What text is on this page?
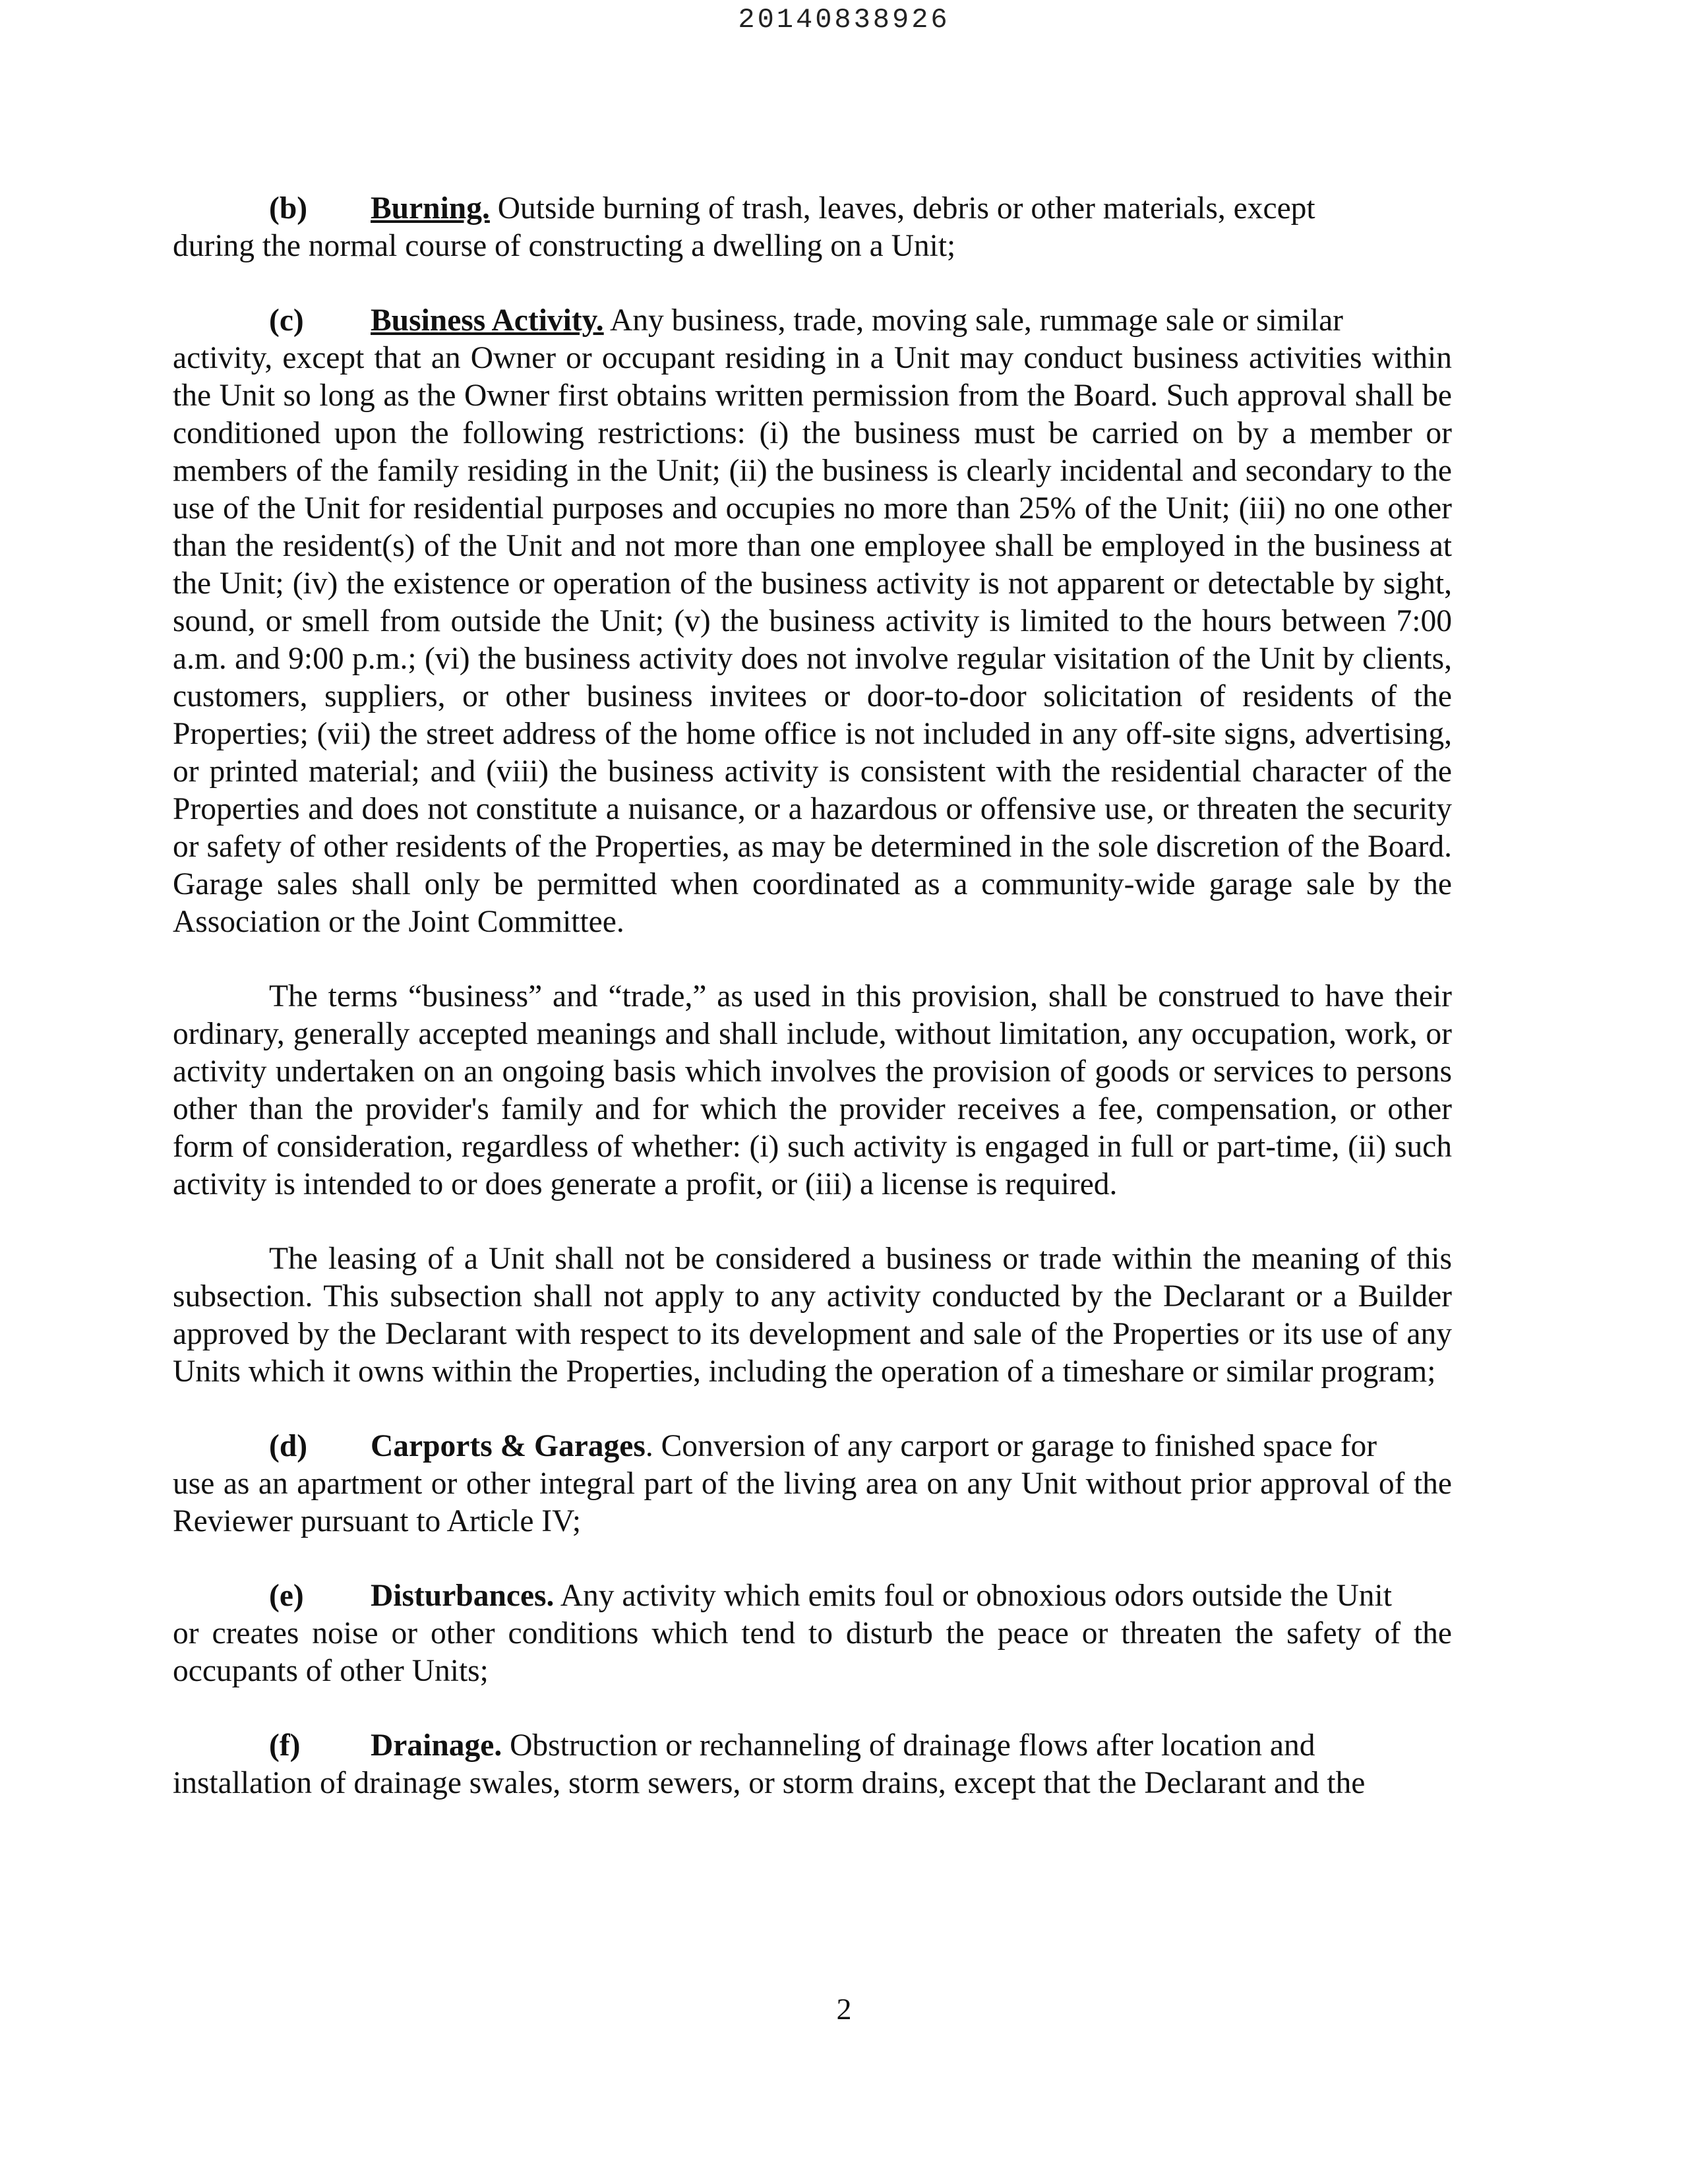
20140838926

(b) Burning. Outside burning of trash, leaves, debris or other materials, except
during the normal course of constructing a dwelling on a Unit;

(c) Business Activity. Any business, trade, moving sale, rummage sale or similar
activity, except that an Owner or occupant residing in a Unit may conduct business activities within the Unit so long as the Owner first obtains written permission from the Board. Such approval shall be conditioned upon the following restrictions: (i) the business must be carried on by a member or members of the family residing in the Unit; (ii) the business is clearly incidental and secondary to the use of the Unit for residential purposes and occupies no more than 25% of the Unit; (iii) no one other than the resident(s) of the Unit and not more than one employee shall be employed in the business at the Unit; (iv) the existence or operation of the business activity is not apparent or detectable by sight, sound, or smell from outside the Unit; (v) the business activity is limited to the hours between 7:00 a.m. and 9:00 p.m.; (vi) the business activity does not involve regular visitation of the Unit by clients, customers, suppliers, or other business invitees or door-to-door solicitation of residents of the Properties; (vii) the street address of the home office is not included in any off-site signs, advertising, or printed material; and (viii) the business activity is consistent with the residential character of the Properties and does not constitute a nuisance, or a hazardous or offensive use, or threaten the security or safety of other residents of the Properties, as may be determined in the sole discretion of the Board. Garage sales shall only be permitted when coordinated as a community-wide garage sale by the Association or the Joint Committee.

The terms “business” and “trade,” as used in this provision, shall be construed to have their ordinary, generally accepted meanings and shall include, without limitation, any occupation, work, or activity undertaken on an ongoing basis which involves the provision of goods or services to persons other than the provider's family and for which the provider receives a fee, compensation, or other form of consideration, regardless of whether: (i) such activity is engaged in full or part-time, (ii) such activity is intended to or does generate a profit, or (iii) a license is required.

The leasing of a Unit shall not be considered a business or trade within the meaning of this subsection. This subsection shall not apply to any activity conducted by the Declarant or a Builder approved by the Declarant with respect to its development and sale of the Properties or its use of any Units which it owns within the Properties, including the operation of a timeshare or similar program;

(d) Carports & Garages. Conversion of any carport or garage to finished space for
use as an apartment or other integral part of the living area on any Unit without prior approval of the Reviewer pursuant to Article IV;

(e) Disturbances. Any activity which emits foul or obnoxious odors outside the Unit
or creates noise or other conditions which tend to disturb the peace or threaten the safety of the occupants of other Units;

(f) Drainage. Obstruction or rechanneling of drainage flows after location and
installation of drainage swales, storm sewers, or storm drains, except that the Declarant and the

2
